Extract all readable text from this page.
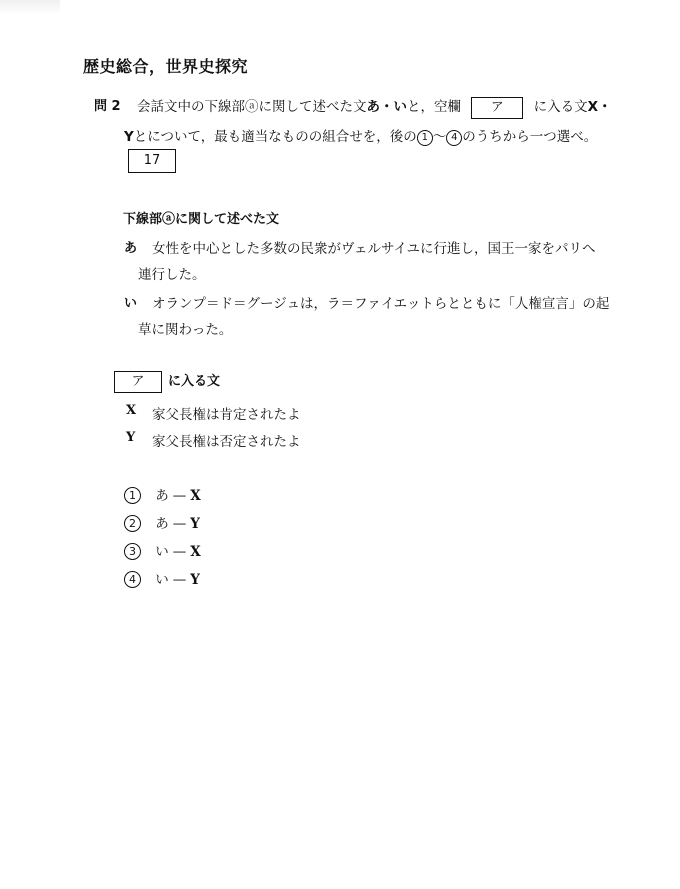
歴史総合，世界史探究
問 2 会話文中の下線部ⓐに関して述べた文あ・いと，空欄 ア に入る文X・
Yとについて，最も適当なものの組合せを，後の 1 ～ 4 のうちから一つ選べ。
17
下線部ⓐに関して述べた文
あ 女性を中心とした多数の民衆がヴェルサイユに行進し，国王一家をパリへ
連行した。
い オランプ＝ド＝グージュは，ラ＝ファイエットらとともに「人権宣言」の起
草に関わった。
ア に入る文
X 家父長権は肯定されたよ
Y 家父長権は否定されたよ
1 あ — X
2 あ — Y
3 い — X
4 い — Y
